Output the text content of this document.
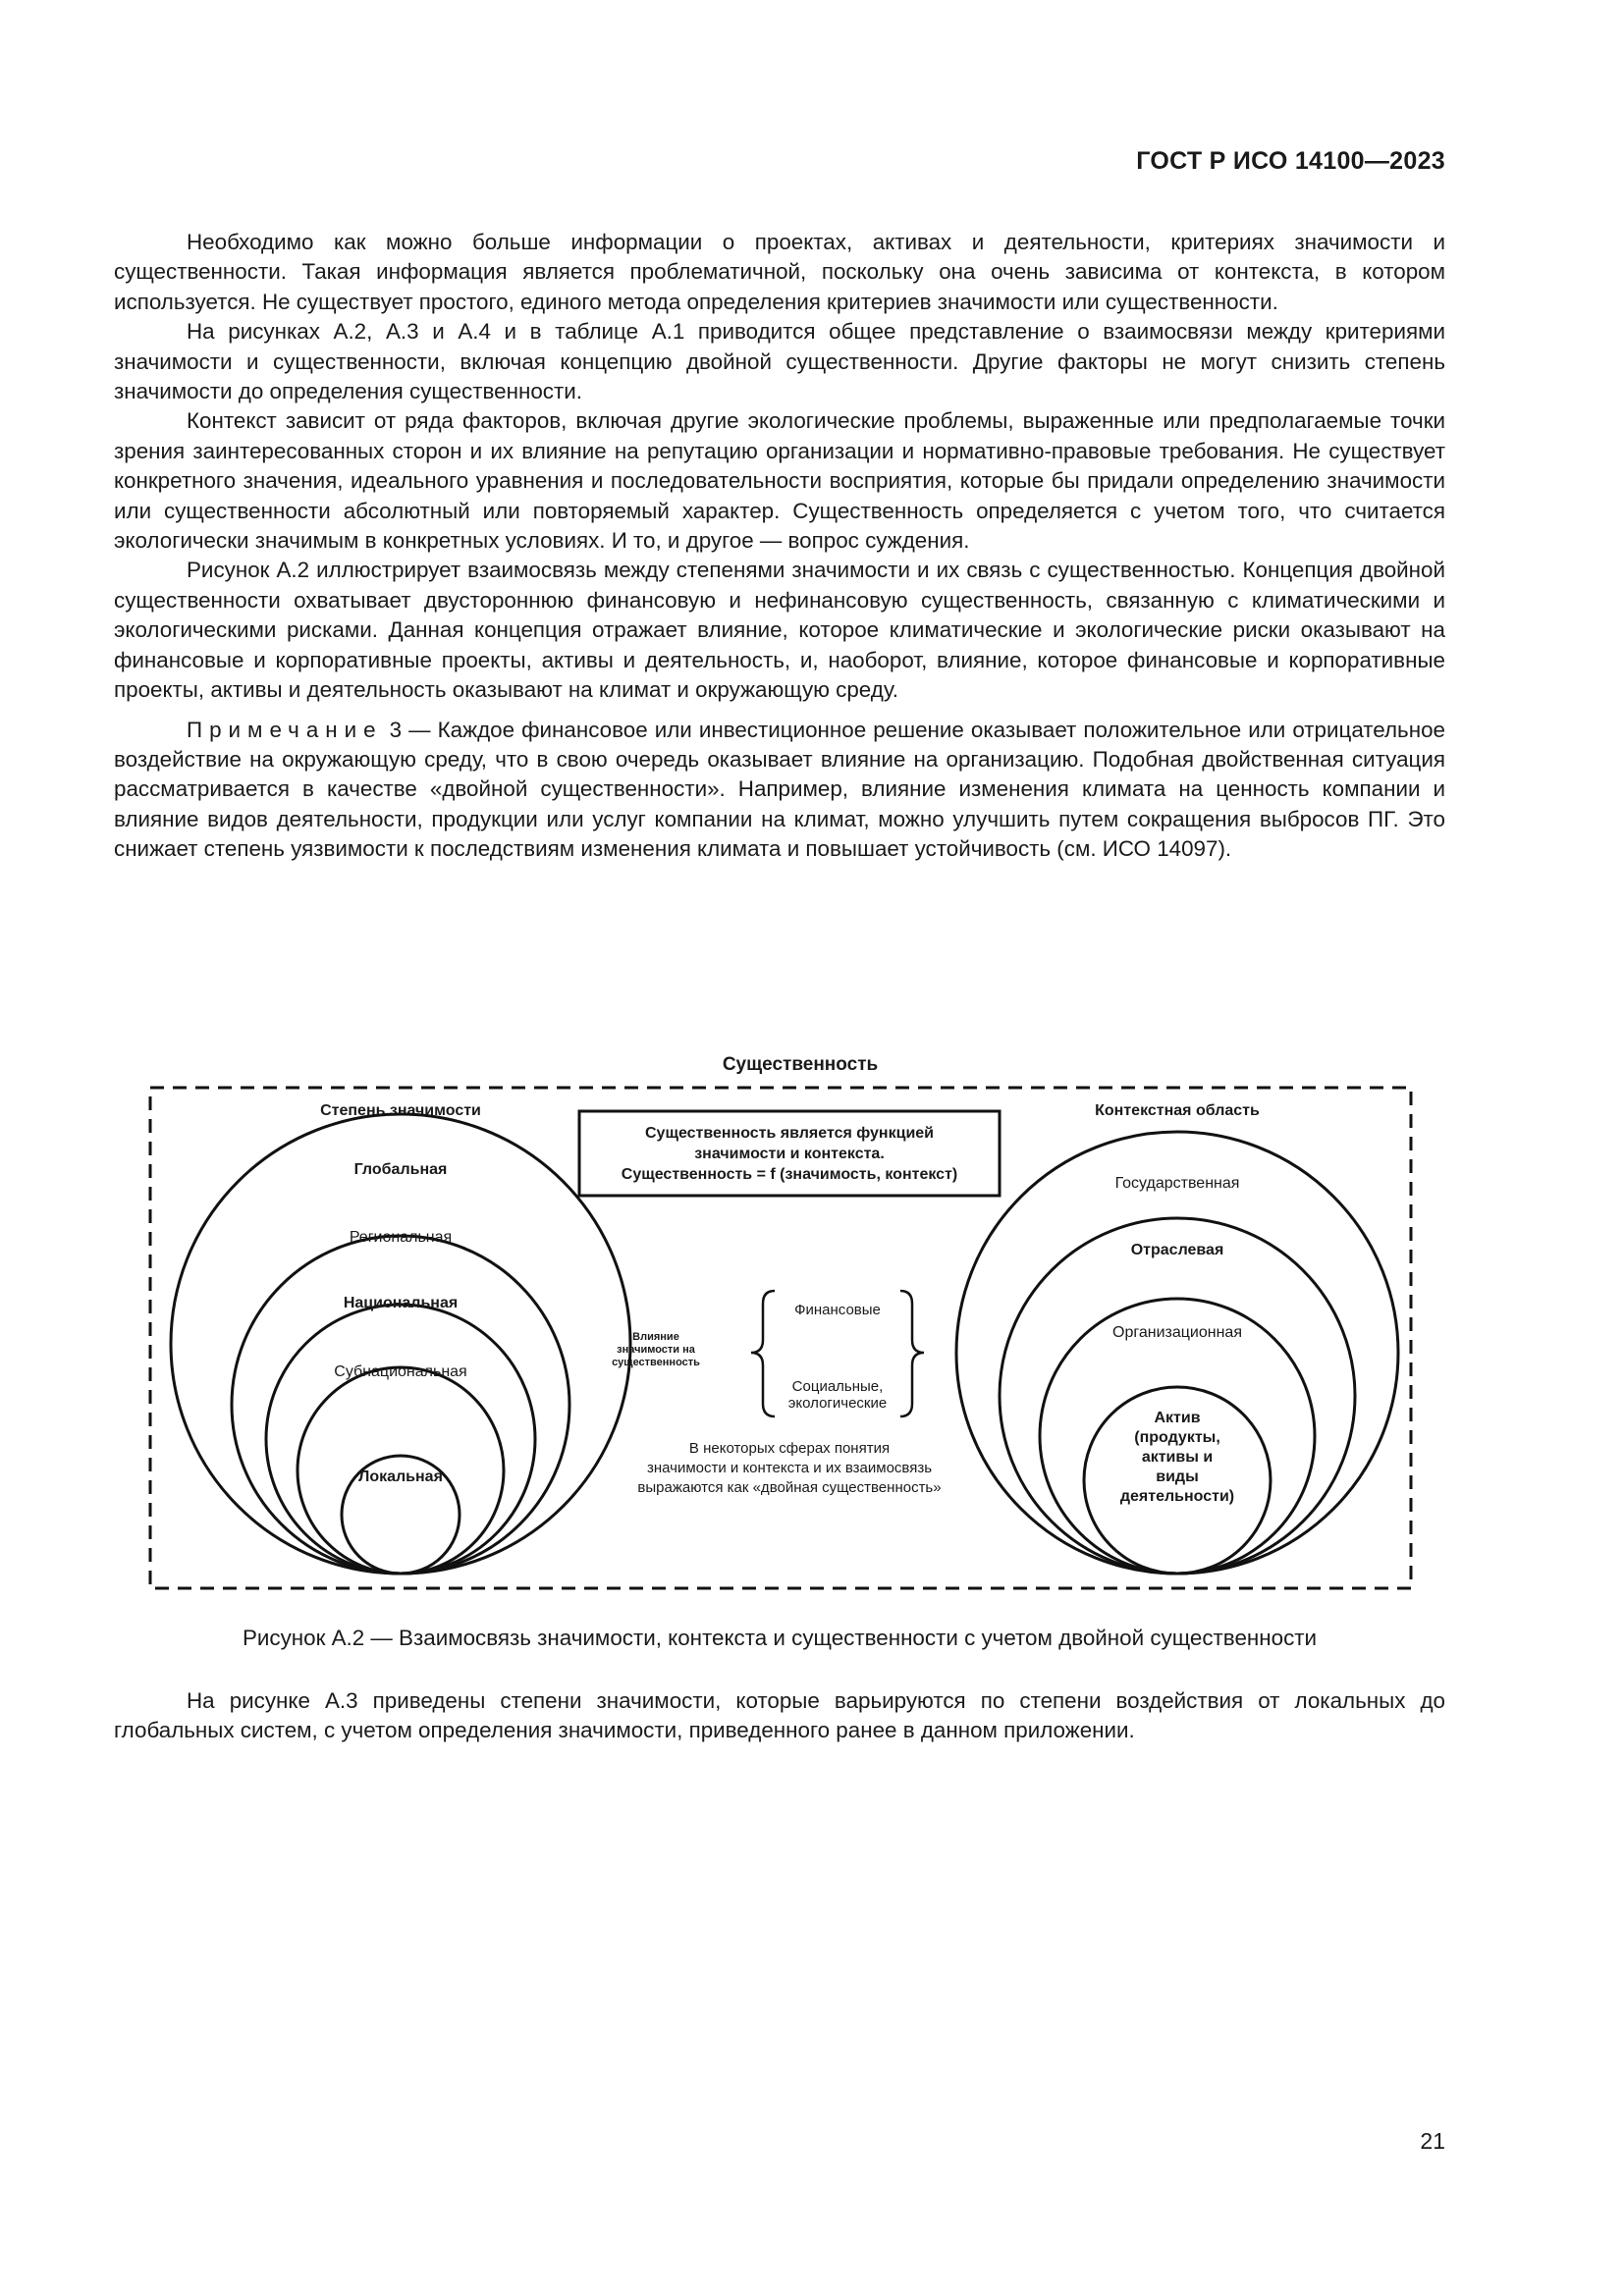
ГОСТ Р ИСО 14100—2023

Необходимо как можно больше информации о проектах, активах и деятельности, критериях значимости и существенности. Такая информация является проблематичной, поскольку она очень зависима от контекста, в котором используется. Не существует простого, единого метода определения критериев значимости или существенности.

На рисунках А.2, А.3 и А.4 и в таблице А.1 приводится общее представление о взаимосвязи между критериями значимости и существенности, включая концепцию двойной существенности. Другие факторы не могут снизить степень значимости до определения существенности.

Контекст зависит от ряда факторов, включая другие экологические проблемы, выраженные или предполагаемые точки зрения заинтересованных сторон и их влияние на репутацию организации и нормативно-правовые требования. Не существует конкретного значения, идеального уравнения и последовательности восприятия, которые бы придали определению значимости или существенности абсолютный или повторяемый характер. Существенность определяется с учетом того, что считается экологически значимым в конкретных условиях. И то, и другое — вопрос суждения.

Рисунок А.2 иллюстрирует взаимосвязь между степенями значимости и их связь с существенностью. Концепция двойной существенности охватывает двустороннюю финансовую и нефинансовую существенность, связанную с климатическими и экологическими рисками. Данная концепция отражает влияние, которое климатические и экологические риски оказывают на финансовые и корпоративные проекты, активы и деятельность, и, наоборот, влияние, которое финансовые и корпоративные проекты, активы и деятельность оказывают на климат и окружающую среду.

Примечание 3 — Каждое финансовое или инвестиционное решение оказывает положительное или отрицательное воздействие на окружающую среду, что в свою очередь оказывает влияние на организацию. Подобная двойственная ситуация рассматривается в качестве «двойной существенности». Например, влияние изменения климата на ценность компании и влияние видов деятельности, продукции или услуг компании на климат, можно улучшить путем сокращения выбросов ПГ. Это снижает степень уязвимости к последствиям изменения климата и повышает устойчивость (см. ИСО 14097).

Существенность
Степень значимости
Глобальная
Региональная
Национальная
Субнациональная
Локальная
Существенность является функцией
значимости и контекста.
Существенность = f (значимость, контекст)
Влияние
значимости на
существенность
Финансовые
Социальные,
экологические
В некоторых сферах понятия
значимости и контекста и их взаимосвязь
выражаются как «двойная существенность»
Контекстная область
Государственная
Отраслевая
Организационная
Актив
(продукты,
активы и
виды
деятельности)
Рисунок А.2 — Взаимосвязь значимости, контекста и существенности с учетом двойной существенности

На рисунке А.3 приведены степени значимости, которые варьируются по степени воздействия от локальных до глобальных систем, с учетом определения значимости, приведенного ранее в данном приложении.

21
